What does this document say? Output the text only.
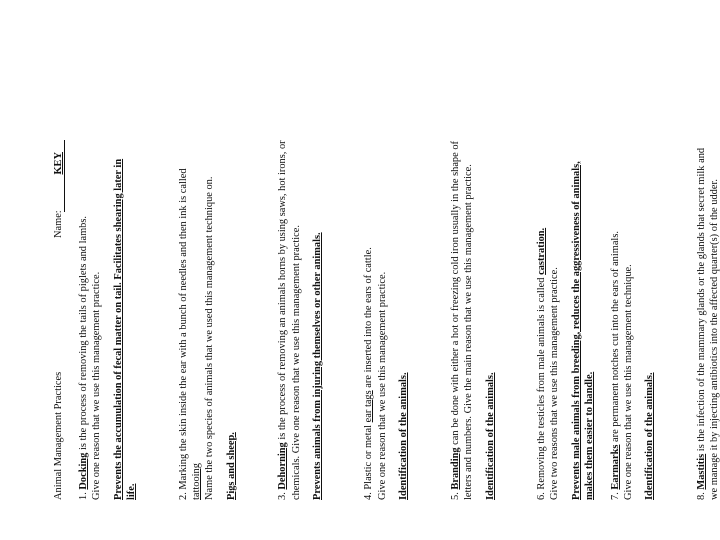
Animal Management Practices
Name:
KEY
1. Docking is the process of removing the tails of piglets and lambs. Give one reason that we use this management practice. Prevents the accumulation of fecal matter on tail. Facilitates shearing later in life.	2. Marking the skin inside the ear with a bunch of needles and then ink is called tattooing Name the two species of animals that we used this management technique on. Pigs and sheep.	3. Dehorning is the process of removing an animals horns by using saws, hot irons, or chemicals. Give one reason that we use this management practice. Prevents animals from injuring themselves or other animals.	4. Plastic or metal ear tags are inserted into the ears of cattle. Give one reason that we use this management practice. Identification of the animals.	5. Branding can be done with either a hot or freezing cold iron usually in the shape of letters and numbers. Give the main reason that we use this management practice. Identification of the animals.	6. Removing the testicles from male animals is called castration.
Give two reasons that we use this management practice. Prevents male animals from breeding, reduces the aggressiveness of animals, makes them easier to handle. 7. Earmarks are permanent notches cut into the ears of animals. Give one reason that we use this management technique. Identification of the animals.	8. Mastitis is the infection of the mammary glands or the glands that secret milk and we manage it by injecting antibiotics into the affected quarter(s) of the udder.
